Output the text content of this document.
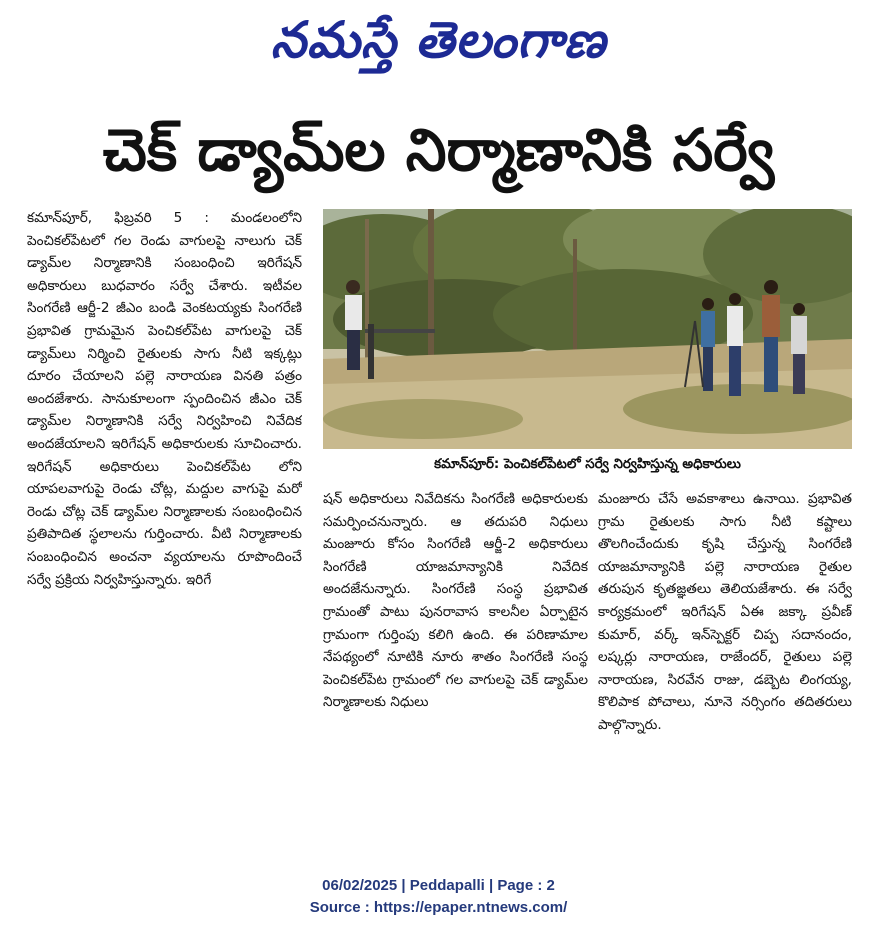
నమస్తే తెలంగాణ
చెక్‌ డ్యామ్‌ల నిర్మాణానికి సర్వే

కమాన్‌పూర్‌, ఫిబ్రవరి 5 : మండలంలోని పెంచికల్‌పేటలో గల రెండు వాగులపై నాలుగు చెక్‌ డ్యామ్‌ల నిర్మాణానికి సంబంధించి ఇరిగేషన్‌ అధికారులు బుధవారం సర్వే చేశారు. ఇటీవల సింగరేణి ఆర్జీ-2 జీఎం బండి వెంకటయ్యకు సింగరేణి ప్రభావిత గ్రామమైన పెంచికల్‌పేట వాగులపై చెక్‌ డ్యామ్‌లు నిర్మించి రైతులకు సాగు నీటి ఇక్కట్లు దూరం చేయాలని పల్లె నారాయణ వినతి పత్రం అందజేశారు. సానుకూలంగా స్పందించిన జీఎం చెక్‌ డ్యామ్‌ల నిర్మాణానికి సర్వే నిర్వహించి నివేదిక అందజేయాలని ఇరిగేషన్‌ అధికారులకు సూచించారు. ఇరిగేషన్‌ అధికారులు పెంచికల్‌పేట లోని యాపలవాగుపై రెండు చోట్ల, మద్దుల వాగుపై మరో రెండు చోట్ల చెక్‌ డ్యామ్‌ల నిర్మాణాలకు సంబంధించిన ప్రతిపాదిత స్థలాలను గుర్తించారు. వీటి నిర్మాణాలకు సంబంధించిన అంచనా వ్యయాలను రూపొందించే సర్వే ప్రక్రియ నిర్వహిస్తున్నారు. ఇరిగే

కమాన్‌పూర్‌: పెంచికల్‌పేటలో సర్వే నిర్వహిస్తున్న అధికారులు

షన్‌ అధికారులు నివేదికను సింగరేణి అధికారులకు సమర్పించనున్నారు. ఆ తదుపరి నిధులు మంజూరు కోసం సింగరేణి ఆర్జీ-2 అధికారులు సింగరేణి యాజమాన్యానికి నివేదిక అందజేనున్నారు. సింగరేణి సంస్థ ప్రభావిత గ్రామంతో పాటు పునరావాస కాలనీల ఏర్పాటైన గ్రామంగా గుర్తింపు కలిగి ఉంది. ఈ పరిణామాల నేపథ్యంలో నూటికి నూరు శాతం సింగరేణి సంస్థ పెంచికల్‌పేట గ్రామంలో గల వాగులపై చెక్‌ డ్యామ్‌ల నిర్మాణాలకు నిధులు

మంజూరు చేసే అవకాశాలు ఉనాయి. ప్రభావిత గ్రామ రైతులకు సాగు నీటి కష్టాలు తొలగించేందుకు కృషి చేస్తున్న సింగరేణి యాజమాన్యానికి పల్లె నారాయణ రైతుల తరుపున కృతజ్ఞతలు తెలియజేశారు. ఈ సర్వే కార్యక్రమంలో ఇరిగేషన్‌ ఏఈ జక్కా ప్రవీణ్‌ కుమార్‌, వర్క్‌ ఇన్‌స్పెక్టర్‌ చిప్ప సదానందం, లష్కర్లు నారాయణ, రాజేందర్‌, రైతులు పల్లె నారాయణ, సిరవేన రాజు, డబ్బెట లింగయ్య, కొలిపాక పోచాలు, నూనె నర్సింగం తదితరులు పాల్గొన్నారు.

06/02/2025 | Peddapalli | Page : 2
Source : https://epaper.ntnews.com/
